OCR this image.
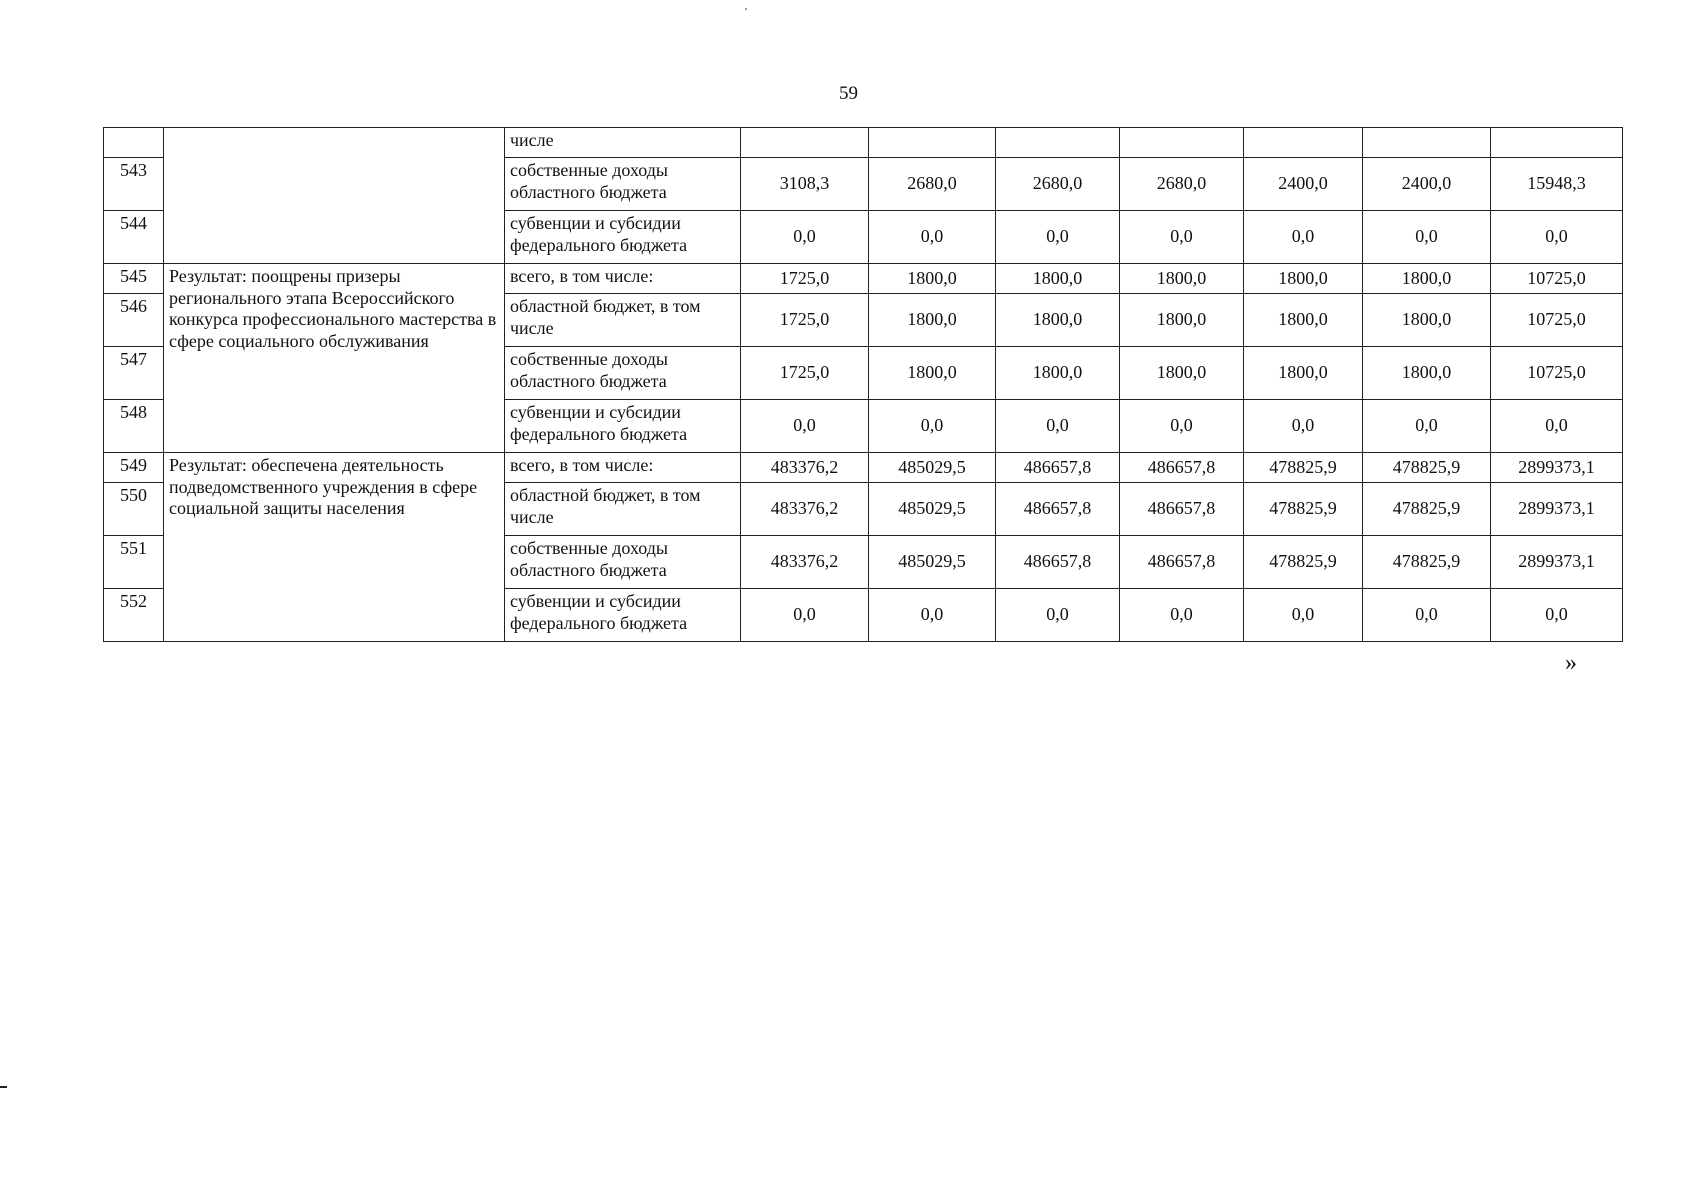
59
		числе							
543		собственные доходы областного бюджета	3108,3	2680,0	2680,0	2680,0	2400,0	2400,0	15948,3
544		субвенции и субсидии федерального бюджета	0,0	0,0	0,0	0,0	0,0	0,0	0,0
545	Результат: поощрены призеры регионального этапа Всероссийского конкурса профессионального мастерства в сфере социального обслуживания	всего, в том числе:	1725,0	1800,0	1800,0	1800,0	1800,0	1800,0	10725,0
546		областной бюджет, в том числе	1725,0	1800,0	1800,0	1800,0	1800,0	1800,0	10725,0
547		собственные доходы областного бюджета	1725,0	1800,0	1800,0	1800,0	1800,0	1800,0	10725,0
548		субвенции и субсидии федерального бюджета	0,0	0,0	0,0	0,0	0,0	0,0	0,0
549	Результат: обеспечена деятельность подведомственного учреждения в сфере социальной защиты населения	всего, в том числе:	483376,2	485029,5	486657,8	486657,8	478825,9	478825,9	2899373,1
550		областной бюджет, в том числе	483376,2	485029,5	486657,8	486657,8	478825,9	478825,9	2899373,1
551		собственные доходы областного бюджета	483376,2	485029,5	486657,8	486657,8	478825,9	478825,9	2899373,1
552		субвенции и субсидии федерального бюджета	0,0	0,0	0,0	0,0	0,0	0,0	0,0
»
